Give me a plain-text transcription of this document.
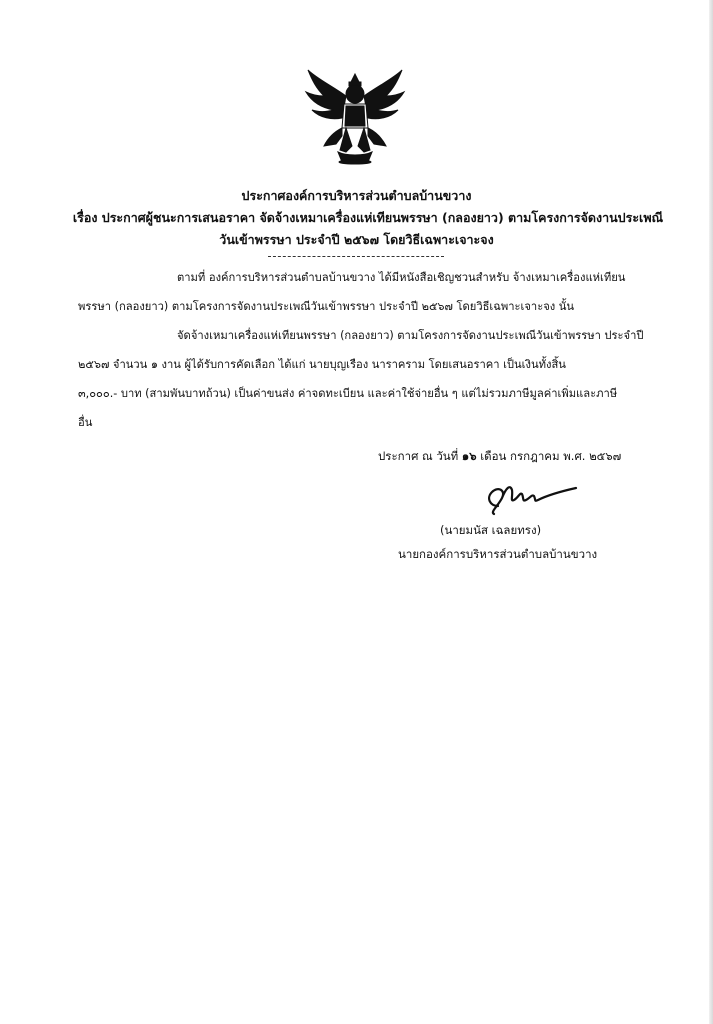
ประกาศองค์การบริหารส่วนตำบลบ้านขวาง
เรื่อง ประกาศผู้ชนะการเสนอราคา จัดจ้างเหมาเครื่องแห่เทียนพรรษา (กลองยาว) ตามโครงการจัดงานประเพณี
วันเข้าพรรษา ประจำปี ๒๕๖๗ โดยวิธีเฉพาะเจาะจง
ตามที่ องค์การบริหารส่วนตำบลบ้านขวาง ได้มีหนังสือเชิญชวนสำหรับ จ้างเหมาเครื่องแห่เทียน
พรรษา (กลองยาว) ตามโครงการจัดงานประเพณีวันเข้าพรรษา ประจำปี ๒๕๖๗ โดยวิธีเฉพาะเจาะจง นั้น
จัดจ้างเหมาเครื่องแห่เทียนพรรษา (กลองยาว) ตามโครงการจัดงานประเพณีวันเข้าพรรษา ประจำปี
๒๕๖๗ จำนวน ๑ งาน ผู้ได้รับการคัดเลือก ได้แก่ นายบุญเรือง นาราคราม โดยเสนอราคา เป็นเงินทั้งสิ้น
๓,๐๐๐.- บาท (สามพันบาทถ้วน) เป็นค่าขนส่ง ค่าจดทะเบียน และค่าใช้จ่ายอื่น ๆ แต่ไม่รวมภาษีมูลค่าเพิ่มและภาษี
อื่น
ประกาศ ณ วันที่ ๑๖ เดือน กรกฎาคม พ.ศ. ๒๕๖๗
(นายมนัส เฉลยทรง)
นายกองค์การบริหารส่วนตำบลบ้านขวาง
